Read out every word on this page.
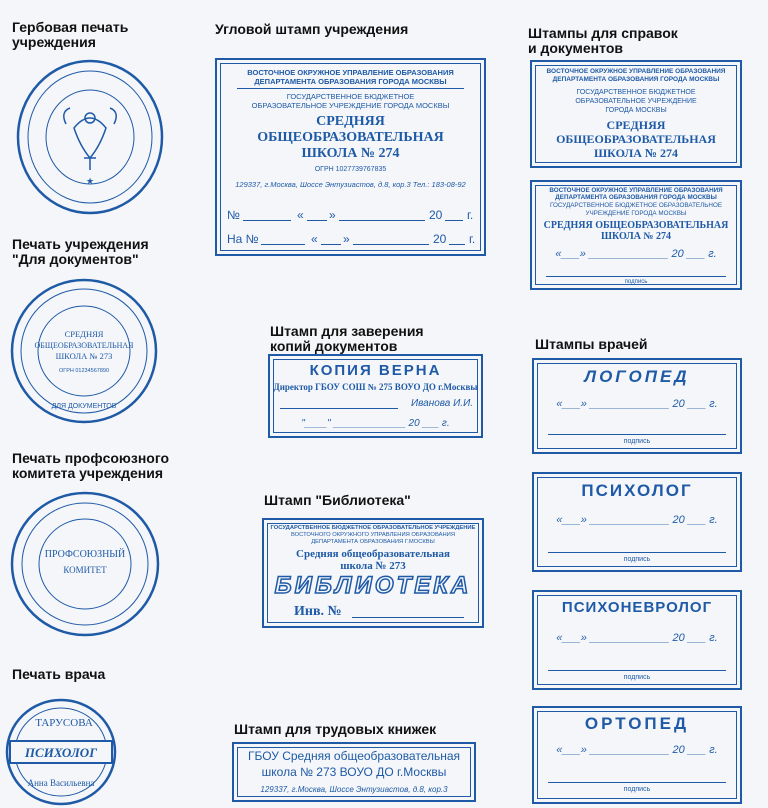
Гербовая печать
учреждения
Угловой штамп учреждения	Штампы для справок
и документов
Печать учреждения
"Для документов"
Штамп для заверения
копий документов	Штампы врачей
Печать профсоюзного
комитета учреждения
Штамп "Библиотека"
Печать врача
Штамп для трудовых книжек
★
СРЕДНЯЯ
ОБЩЕОБРАЗОВАТЕЛЬНАЯ
ШКОЛА № 273
ОГРН 01234567890
ДЛЯ ДОКУМЕНТОВ
ПРОФСОЮЗНЫЙ
КОМИТЕТ
ТАРУСОВА
ПСИХОЛОГ
Анна Васильевна
ВОСТОЧНОЕ ОКРУЖНОЕ УПРАВЛЕНИЕ ОБРАЗОВАНИЯ
ДЕПАРТАМЕНТА ОБРАЗОВАНИЯ ГОРОДА МОСКВЫ
ГОСУДАРСТВЕННОЕ БЮДЖЕТНОЕ
ОБРАЗОВАТЕЛЬНОЕ УЧРЕЖДЕНИЕ ГОРОДА МОСКВЫ
СРЕДНЯЯ
ОБЩЕОБРАЗОВАТЕЛЬНАЯ
ШКОЛА № 274
ОГРН 1027739767835
129337, г.Москва, Шоссе Энтузиастов, д.8, кор.3 Тел.: 183-08-92
№	« »	20 г.
На №	« »	20 г.
ВОСТОЧНОЕ ОКРУЖНОЕ УПРАВЛЕНИЕ ОБРАЗОВАНИЯ
ДЕПАРТАМЕНТА ОБРАЗОВАНИЯ ГОРОДА МОСКВЫ
ГОСУДАРСТВЕННОЕ БЮДЖЕТНОЕ
ОБРАЗОВАТЕЛЬНОЕ УЧРЕЖДЕНИЕ
ГОРОДА МОСКВЫ
СРЕДНЯЯ
ОБЩЕОБРАЗОВАТЕЛЬНАЯ
ШКОЛА № 274
ВОСТОЧНОЕ ОКРУЖНОЕ УПРАВЛЕНИЕ ОБРАЗОВАНИЯ
ДЕПАРТАМЕНТА ОБРАЗОВАНИЯ ГОРОДА МОСКВЫ
ГОСУДАРСТВЕННОЕ БЮДЖЕТНОЕ ОБРАЗОВАТЕЛЬНОЕ
УЧРЕЖДЕНИЕ ГОРОДА МОСКВЫ
СРЕДНЯЯ ОБЩЕОБРАЗОВАТЕЛЬНАЯ
ШКОЛА № 274
«___» _____________ 20 ___ г.
подпись
КОПИЯ ВЕРНА
Директор ГБОУ СОШ № 275 ВОУО ДО г.Москвы
Иванова И.И.
"____" _____________ 20 ___ г.
ГОСУДАРСТВЕННОЕ БЮДЖЕТНОЕ ОБРАЗОВАТЕЛЬНОЕ УЧРЕЖДЕНИЕ
ВОСТОЧНОГО ОКРУЖНОГО УПРАВЛЕНИЯ ОБРАЗОВАНИЯ
ДЕПАРТАМЕНТА ОБРАЗОВАНИЯ Г.МОСКВЫ
Средняя общеобразовательная
школа № 273
БИБЛИОТЕКА
Инв. №
ГБОУ Средняя общеобразовательная
школа № 273 ВОУО ДО г.Москвы
129337, г.Москва, Шоссе Энтузиастов, д.8, кор.3
ЛОГОПЕД
«___» _____________ 20 ___ г.
подпись
ПСИХОЛОГ
«___» _____________ 20 ___ г.
подпись
ПСИХОНЕВРОЛОГ
«___» _____________ 20 ___ г.
подпись
ОРТОПЕД
«___» _____________ 20 ___ г.
подпись
